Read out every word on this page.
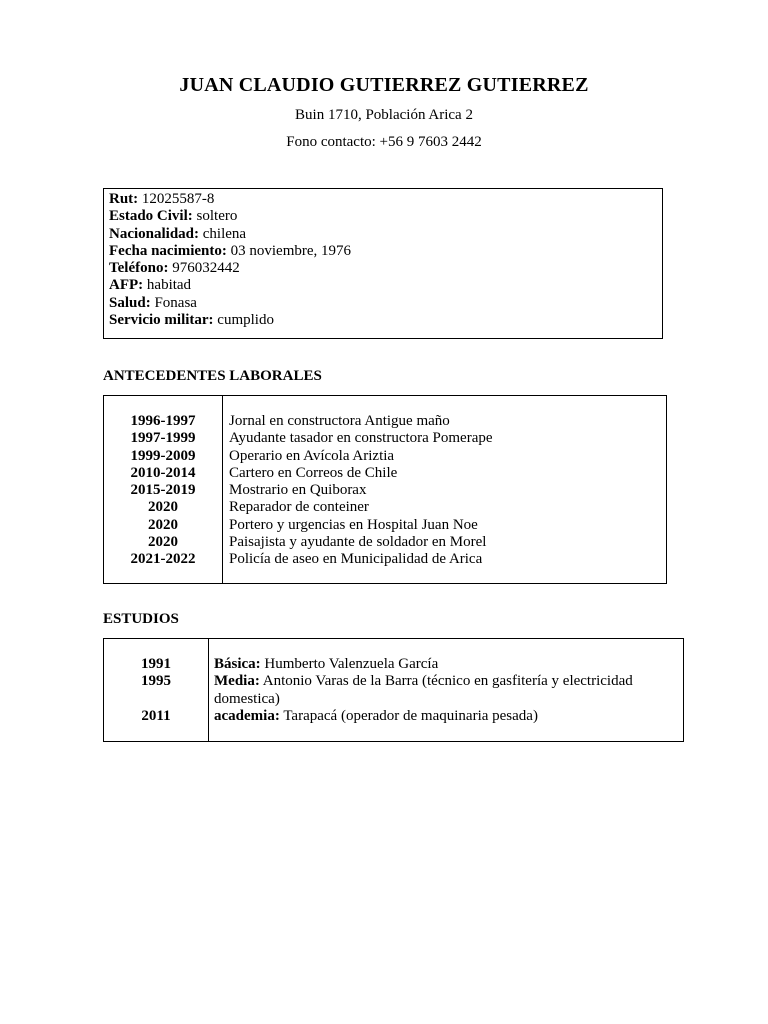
JUAN CLAUDIO GUTIERREZ GUTIERREZ
Buin 1710, Población Arica 2
Fono contacto: +56 9 7603 2442
Rut: 12025587-8
Estado Civil: soltero
Nacionalidad: chilena
Fecha nacimiento: 03 noviembre, 1976
Teléfono: 976032442
AFP: habitad
Salud: Fonasa
Servicio militar: cumplido
ANTECEDENTES LABORALES
1996-1997
1997-1999
1999-2009
2010-2014
2015-2019
2020
2020
2020
2021-2022
Jornal en constructora Antigue maño
Ayudante tasador en constructora Pomerape
Operario en Avícola Ariztia
Cartero en Correos de Chile
Mostrario en Quiborax
Reparador de conteiner
Portero y urgencias en Hospital Juan Noe
Paisajista y ayudante de soldador en Morel
Policía de aseo en Municipalidad de Arica
ESTUDIOS
1991
1995
2011
Básica: Humberto Valenzuela García
Media: Antonio Varas de la Barra (técnico en gasfitería y electricidad domestica)
academia: Tarapacá (operador de maquinaria pesada)
